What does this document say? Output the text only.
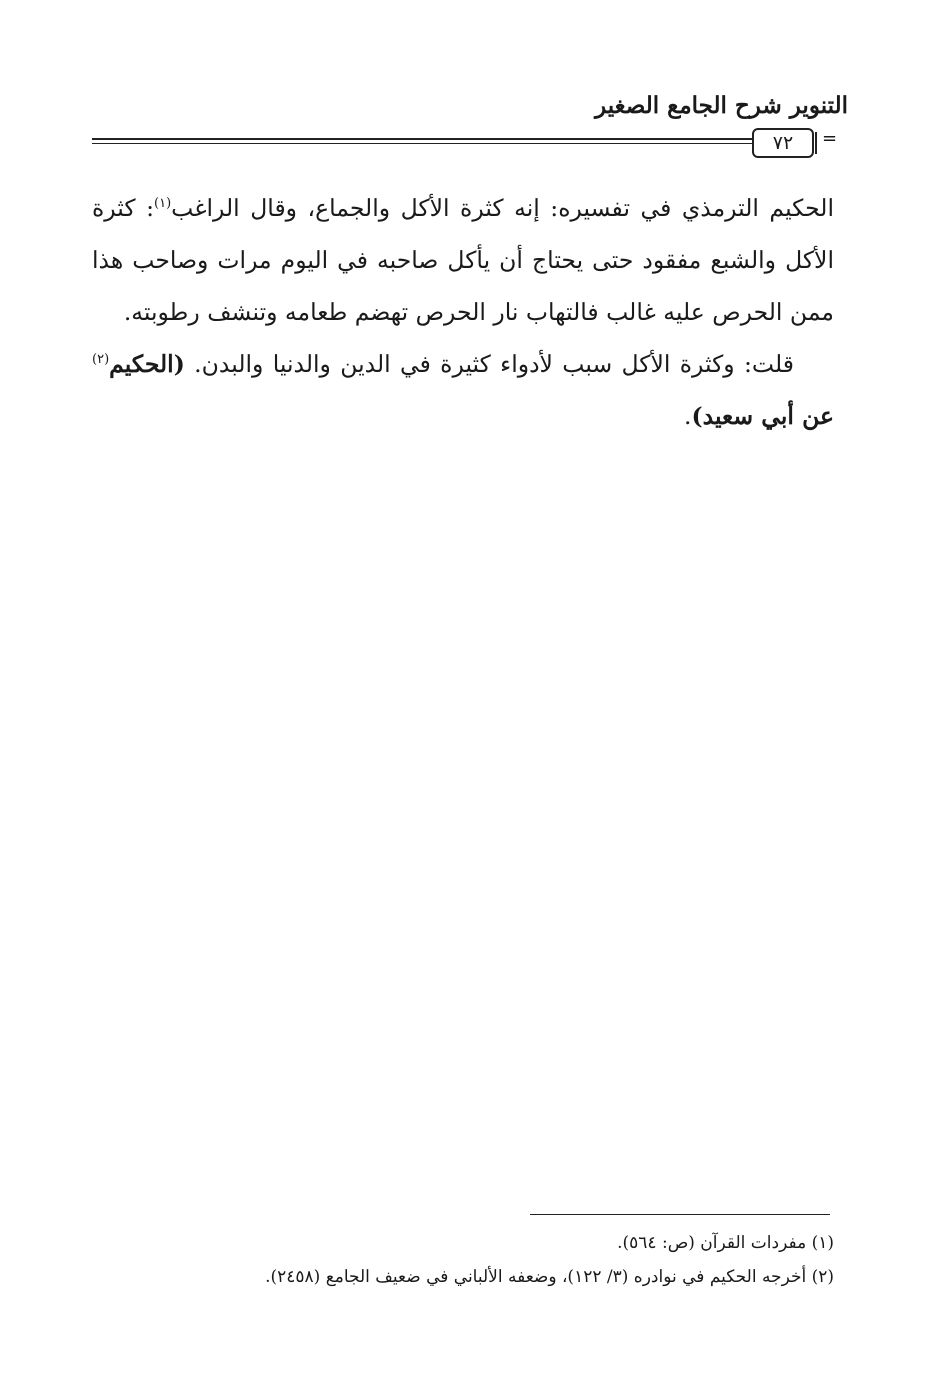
التنوير شرح الجامع الصغير
=
٧٢

الحكيم الترمذي في تفسيره: إنه كثرة الأكل والجماع، وقال الراغب$^{(١)}$: كثرة الأكل والشبع مفقود حتى يحتاج أن يأكل صاحبه في اليوم مرات وصاحب هذا ممن الحرص عليه غالب فالتهاب نار الحرص تهضم طعامه وتنشف رطوبته.

قلت: وكثرة الأكل سبب لأدواء كثيرة في الدين والدنيا والبدن. (الحكيم$^{(٢)}$ عن أبي سعيد).

(١) مفردات القرآن (ص: ٥٦٤).

(٢) أخرجه الحكيم في نوادره (٣/ ١٢٢)، وضعفه الألباني في ضعيف الجامع (٢٤٥٨).
